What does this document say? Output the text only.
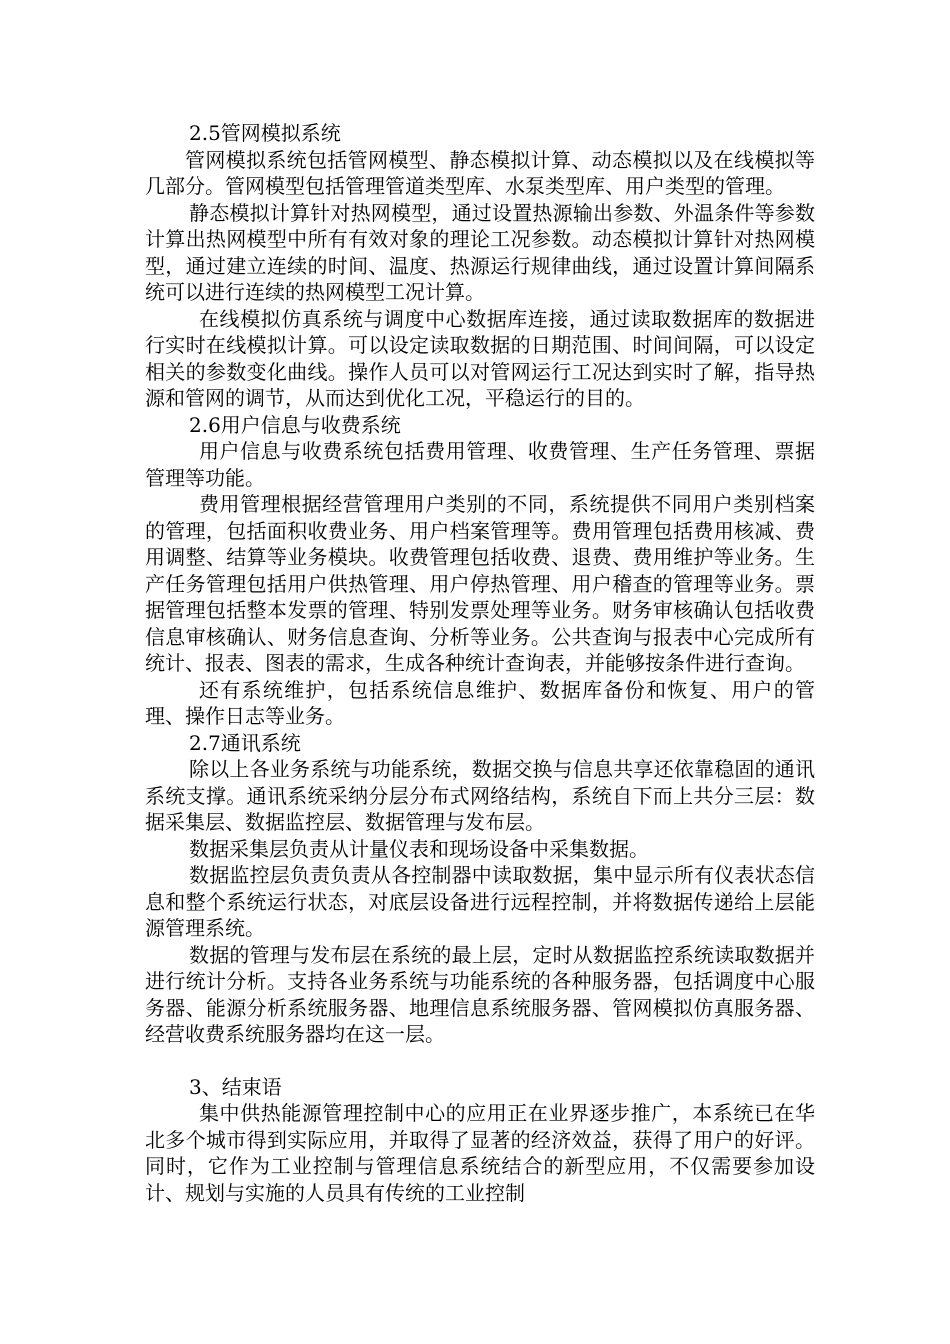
2.5管网模拟系统

管网模拟系统包括管网模型、静态模拟计算、动态模拟以及在线模拟等几部分。管网模型包括管理管道类型库、水泵类型库、用户类型的管理。

静态模拟计算针对热网模型，通过设置热源输出参数、外温条件等参数计算出热网模型中所有有效对象的理论工况参数。动态模拟计算针对热网模型，通过建立连续的时间、温度、热源运行规律曲线，通过设置计算间隔系统可以进行连续的热网模型工况计算。

在线模拟仿真系统与调度中心数据库连接，通过读取数据库的数据进行实时在线模拟计算。可以设定读取数据的日期范围、时间间隔，可以设定相关的参数变化曲线。操作人员可以对管网运行工况达到实时了解，指导热源和管网的调节，从而达到优化工况，平稳运行的目的。

2.6用户信息与收费系统

用户信息与收费系统包括费用管理、收费管理、生产任务管理、票据管理等功能。

费用管理根据经营管理用户类别的不同，系统提供不同用户类别档案的管理，包括面积收费业务、用户档案管理等。费用管理包括费用核减、费用调整、结算等业务模块。收费管理包括收费、退费、费用维护等业务。生产任务管理包括用户供热管理、用户停热管理、用户稽查的管理等业务。票据管理包括整本发票的管理、特别发票处理等业务。财务审核确认包括收费信息审核确认、财务信息查询、分析等业务。公共查询与报表中心完成所有统计、报表、图表的需求，生成各种统计查询表，并能够按条件进行查询。

还有系统维护，包括系统信息维护、数据库备份和恢复、用户的管理、操作日志等业务。

2.7通讯系统

除以上各业务系统与功能系统，数据交换与信息共享还依靠稳固的通讯系统支撑。通讯系统采纳分层分布式网络结构，系统自下而上共分三层：数据采集层、数据监控层、数据管理与发布层。

数据采集层负责从计量仪表和现场设备中采集数据。

数据监控层负责负责从各控制器中读取数据，集中显示所有仪表状态信息和整个系统运行状态，对底层设备进行远程控制，并将数据传递给上层能源管理系统。

数据的管理与发布层在系统的最上层，定时从数据监控系统读取数据并进行统计分析。支持各业务系统与功能系统的各种服务器，包括调度中心服务器、能源分析系统服务器、地理信息系统服务器、管网模拟仿真服务器、经营收费系统服务器均在这一层。

3、结束语

集中供热能源管理控制中心的应用正在业界逐步推广，本系统已在华北多个城市得到实际应用，并取得了显著的经济效益，获得了用户的好评。同时，它作为工业控制与管理信息系统结合的新型应用，不仅需要参加设计、规划与实施的人员具有传统的工业控制
